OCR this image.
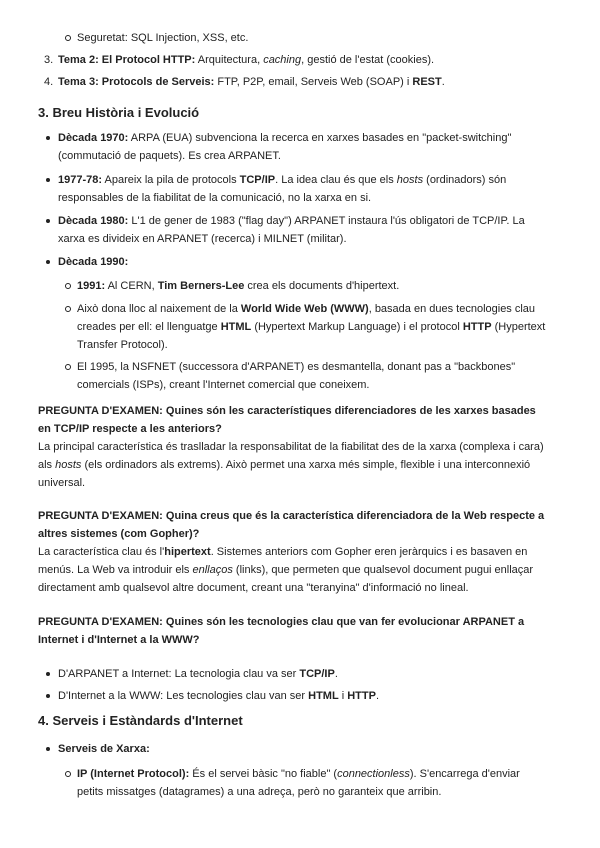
Seguretat: SQL Injection, XSS, etc.
3. Tema 2: El Protocol HTTP: Arquitectura, caching, gestió de l'estat (cookies).
4. Tema 3: Protocols de Serveis: FTP, P2P, email, Serveis Web (SOAP) i REST.
3. Breu Història i Evolució
Dècada 1970: ARPA (EUA) subvenciona la recerca en xarxes basades en "packet-switching"
(commutació de paquets). Es crea ARPANET.
1977-78: Apareix la pila de protocols TCP/IP. La idea clau és que els hosts (ordinadors) són
responsables de la fiabilitat de la comunicació, no la xarxa en si.
Dècada 1980: L'1 de gener de 1983 ("flag day") ARPANET instaura l'ús obligatori de TCP/IP. La
xarxa es divideix en ARPANET (recerca) i MILNET (militar).
Dècada 1990:
1991: Al CERN, Tim Berners-Lee crea els documents d'hipertext.
Això dona lloc al naixement de la World Wide Web (WWW), basada en dues tecnologies clau
creades per ell: el llenguatge HTML (Hypertext Markup Language) i el protocol HTTP (Hypertext
Transfer Protocol).
El 1995, la NSFNET (successora d'ARPANET) es desmantella, donant pas a "backbones"
comercials (ISPs), creant l'Internet comercial que coneixem.
PREGUNTA D'EXAMEN: Quines són les característiques diferenciadores de les xarxes basades
en TCP/IP respecte a les anteriors?
La principal característica és traslladar la responsabilitat de la fiabilitat des de la xarxa (complexa i cara)
als hosts (els ordinadors als extrems). Això permet una xarxa més simple, flexible i una interconnexió
universal.
PREGUNTA D'EXAMEN: Quina creus que és la característica diferenciadora de la Web respecte a
altres sistemes (com Gopher)?
La característica clau és l'hipertext. Sistemes anteriors com Gopher eren jeràrquics i es basaven en
menús. La Web va introduir els enllaços (links), que permeten que qualsevol document pugui enllaçar
directament amb qualsevol altre document, creant una "teranyina" d'informació no lineal.
PREGUNTA D'EXAMEN: Quines són les tecnologies clau que van fer evolucionar ARPANET a
Internet i d'Internet a la WWW?
D'ARPANET a Internet: La tecnologia clau va ser TCP/IP.
D'Internet a la WWW: Les tecnologies clau van ser HTML i HTTP.
4. Serveis i Estàndards d'Internet
Serveis de Xarxa:
IP (Internet Protocol): És el servei bàsic "no fiable" (connectionless). S'encarrega d'enviar
petits missatges (datagrames) a una adreça, però no garanteix que arribin.
